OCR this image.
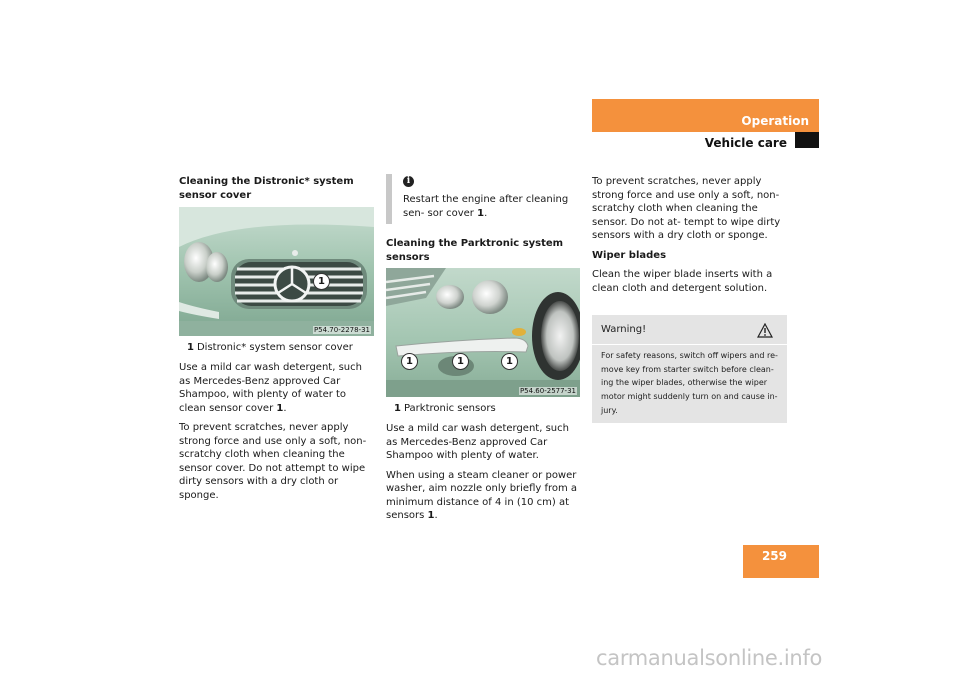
Operation
Vehicle care

Cleaning the Distronic* system sensor cover

1
P54.70-2278-31
1 Distronic* system sensor cover

Use a mild car wash detergent, such as Mercedes-Benz approved Car Shampoo, with plenty of water to clean sensor cover 1.

To prevent scratches, never apply strong force and use only a soft, non-scratchy cloth when cleaning the sensor cover. Do not attempt to wipe dirty sensors with a dry cloth or sponge.

i
Restart the engine after cleaning sen- sor cover 1.

Cleaning the Parktronic system sensors

1	1	1
P54.60-2577-31
1 Parktronic sensors

Use a mild car wash detergent, such as Mercedes-Benz approved Car Shampoo with plenty of water.

When using a steam cleaner or power washer, aim nozzle only briefly from a minimum distance of 4 in (10 cm) at sensors 1.

To prevent scratches, never apply strong force and use only a soft, non-scratchy cloth when cleaning the sensor. Do not at- tempt to wipe dirty sensors with a dry cloth or sponge.

Wiper blades

Clean the wiper blade inserts with a clean cloth and detergent solution.

Warning!
For safety reasons, switch off wipers and re- move key from starter switch before clean- ing the wiper blades, otherwise the wiper motor might suddenly turn on and cause in- jury.
259
carmanualsonline.info
